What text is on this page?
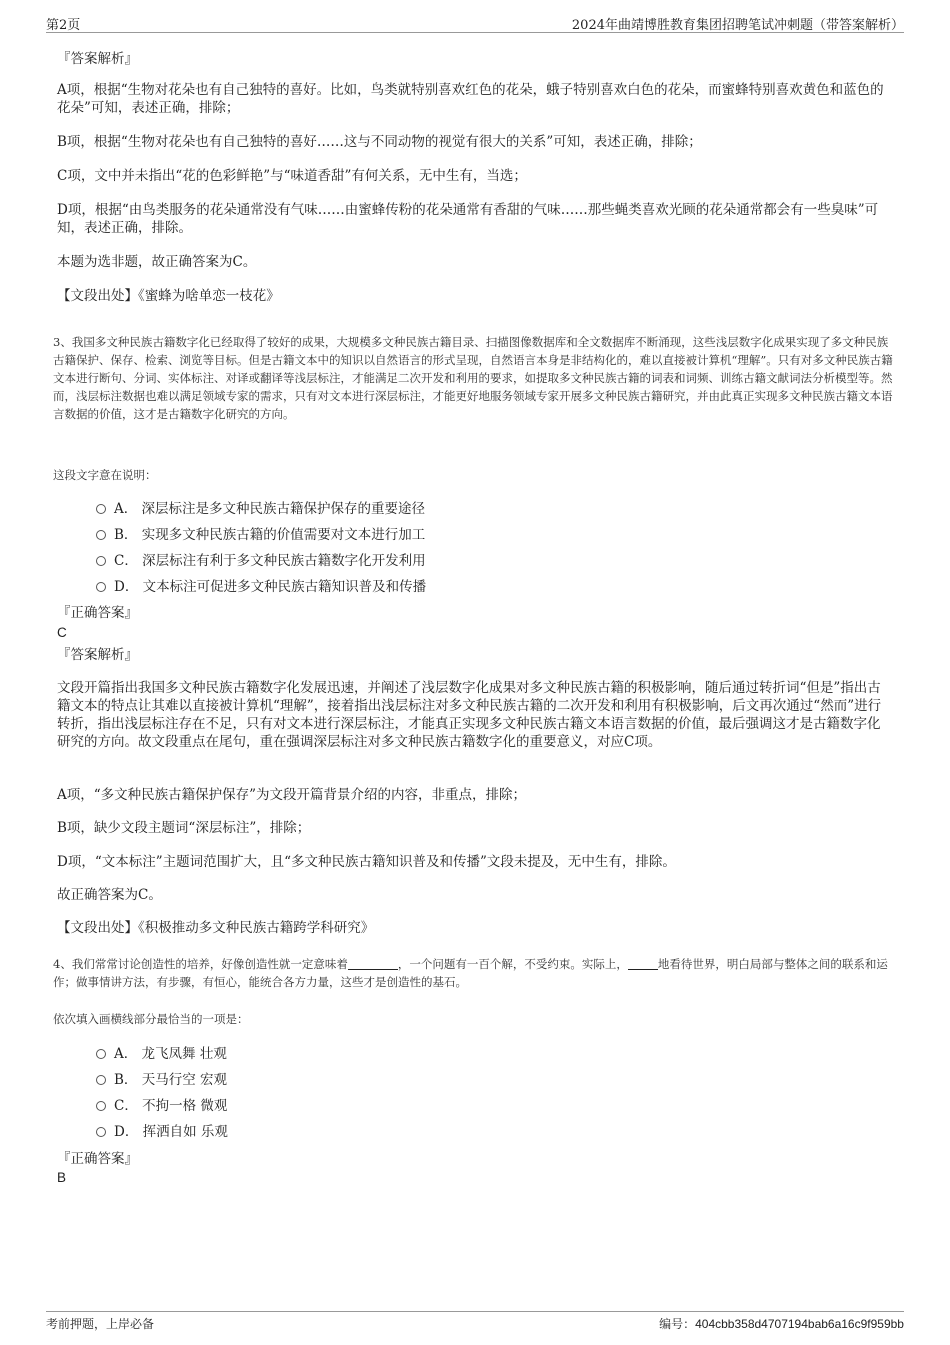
第2页	2024年曲靖博胜教育集团招聘笔试冲刺题（带答案解析）
『答案解析』
A项，根据“生物对花朵也有自己独特的喜好。比如，鸟类就特别喜欢红色的花朵，蛾子特别喜欢白色的花朵，而蜜蜂特别喜欢黄色和蓝色的花朵”可知，表述正确，排除；
B项，根据“生物对花朵也有自己独特的喜好……这与不同动物的视觉有很大的关系”可知，表述正确，排除；
C项，文中并未指出“花的色彩鲜艳”与“味道香甜”有何关系，无中生有，当选；
D项，根据“由鸟类服务的花朵通常没有气味……由蜜蜂传粉的花朵通常有香甜的气味……那些蝇类喜欢光顾的花朵通常都会有一些臭味”可知，表述正确，排除。
本题为选非题，故正确答案为C。
【文段出处】《蜜蜂为啥单恋一枝花》
3、我国多文种民族古籍数字化已经取得了较好的成果，大规模多文种民族古籍目录、扫描图像数据库和全文数据库不断涌现，这些浅层数字化成果实现了多文种民族古籍保护、保存、检索、浏览等目标。但是古籍文本中的知识以自然语言的形式呈现，自然语言本身是非结构化的，难以直接被计算机“理解”。只有对多文种民族古籍文本进行断句、分词、实体标注、对译或翻译等浅层标注，才能满足二次开发和利用的要求，如提取多文种民族古籍的词表和词频、训练古籍文献词法分析模型等。然而，浅层标注数据也难以满足领域专家的需求，只有对文本进行深层标注，才能更好地服务领域专家开展多文种民族古籍研究，并由此真正实现多文种民族古籍文本语言数据的价值，这才是古籍数字化研究的方向。
这段文字意在说明：
A． 深层标注是多文种民族古籍保护保存的重要途径
B． 实现多文种民族古籍的价值需要对文本进行加工
C． 深层标注有利于多文种民族古籍数字化开发利用
D． 文本标注可促进多文种民族古籍知识普及和传播
『正确答案』
C
『答案解析』
文段开篇指出我国多文种民族古籍数字化发展迅速，并阐述了浅层数字化成果对多文种民族古籍的积极影响，随后通过转折词“但是”指出古籍文本的特点让其难以直接被计算机“理解”，接着指出浅层标注对多文种民族古籍的二次开发和利用有积极影响，后文再次通过“然而”进行转折，指出浅层标注存在不足，只有对文本进行深层标注，才能真正实现多文种民族古籍文本语言数据的价值，最后强调这才是古籍数字化研究的方向。故文段重点在尾句，重在强调深层标注对多文种民族古籍数字化的重要意义，对应C项。
A项，“多文种民族古籍保护保存”为文段开篇背景介绍的内容，非重点，排除；
B项，缺少文段主题词“深层标注”，排除；
D项，“文本标注”主题词范围扩大，且“多文种民族古籍知识普及和传播”文段未提及，无中生有，排除。
故正确答案为C。
【文段出处】《积极推动多文种民族古籍跨学科研究》
4、我们常常讨论创造性的培养，好像创造性就一定意味着	，一个问题有一百个解，不受约束。实际上，	地看待世界，明白局部与整体之间的联系和运作；做事情讲方法，有步骤，有恒心，能统合各方力量，这些才是创造性的基石。
依次填入画横线部分最恰当的一项是：
A． 龙飞凤舞 壮观
B． 天马行空 宏观
C． 不拘一格 微观
D． 挥洒自如 乐观
『正确答案』
B
考前押题，上岸必备	编号：404cbb358d4707194bab6a16c9f959bb
